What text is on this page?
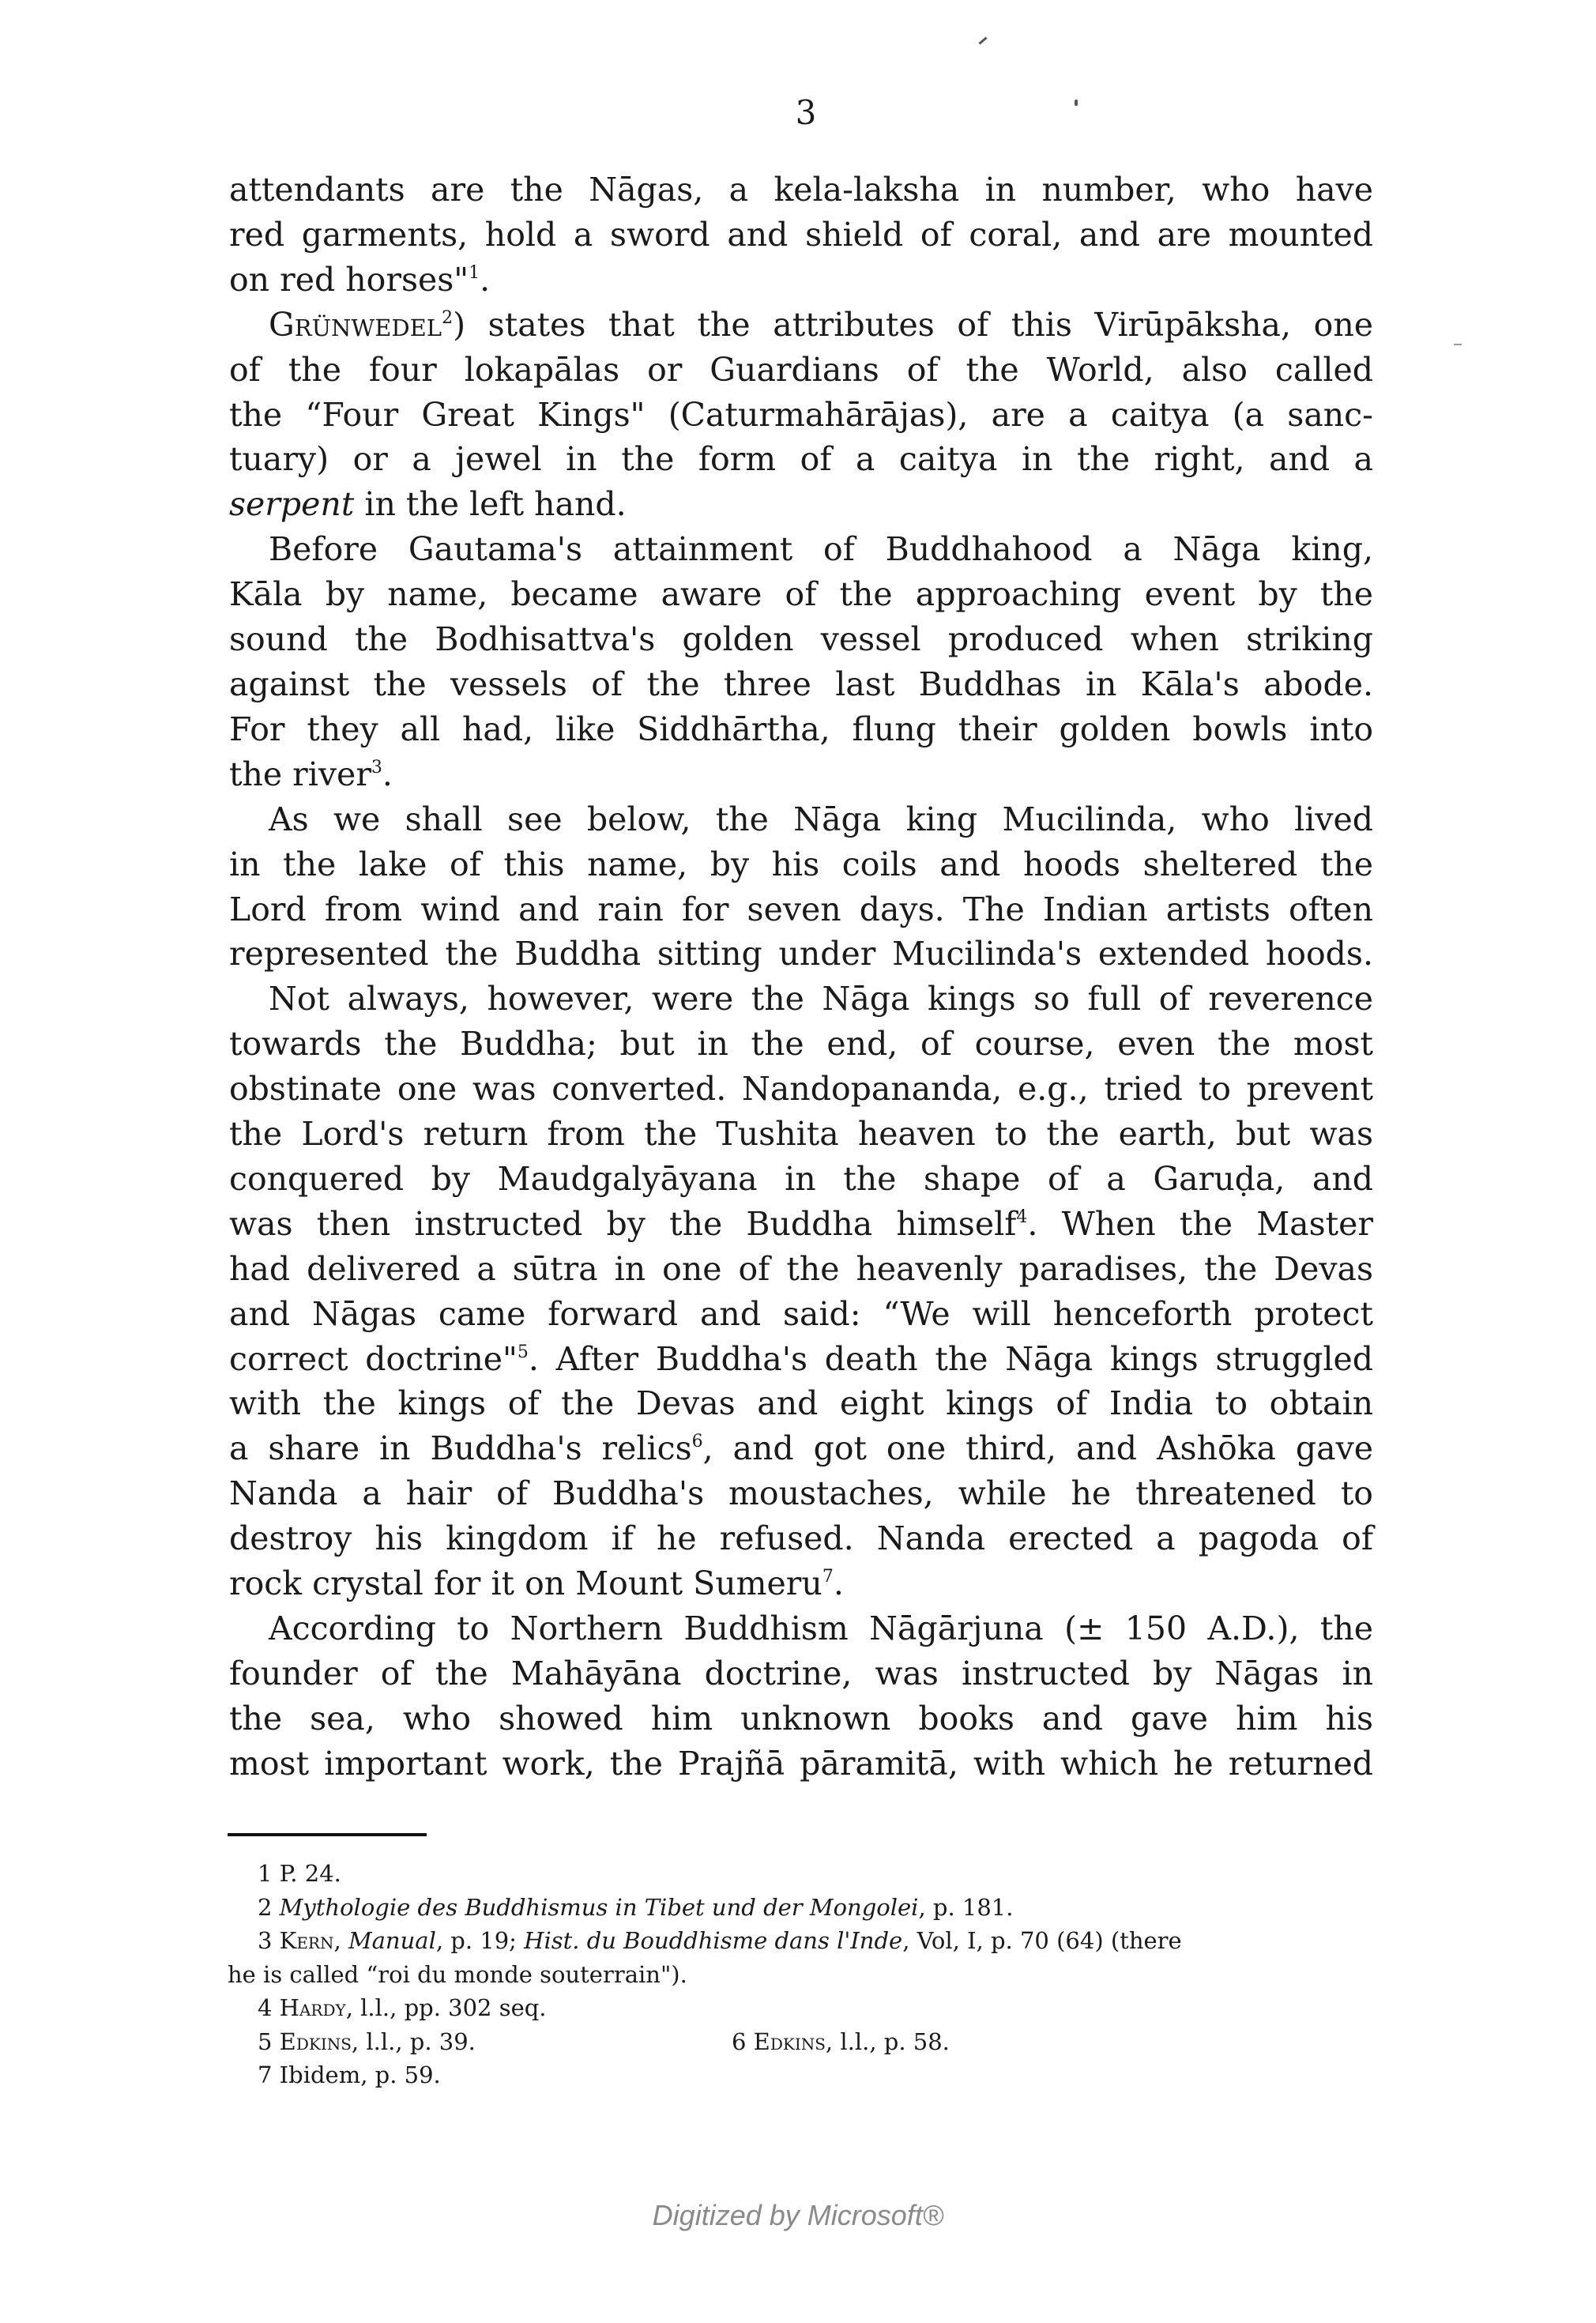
3
attendants are the Nāgas, a kela-laksha in number, who have
red garments, hold a sword and shield of coral, and are mounted
on red horses"$^1$.
Grünwedel$^2$) states that the attributes of this Virūpāksha, one
of the four lokapālas or Guardians of the World, also called
the “Four Great Kings" (Caturmahārājas), are a caitya (a sanc-
tuary) or a jewel in the form of a caitya in the right, and a
serpent in the left hand.
Before Gautama's attainment of Buddhahood a Nāga king,
Kāla by name, became aware of the approaching event by the
sound the Bodhisattva's golden vessel produced when striking
against the vessels of the three last Buddhas in Kāla's abode.
For they all had, like Siddhārtha, flung their golden bowls into
the river$^3$.
As we shall see below, the Nāga king Mucilinda, who lived
in the lake of this name, by his coils and hoods sheltered the
Lord from wind and rain for seven days. The Indian artists often
represented the Buddha sitting under Mucilinda's extended hoods.
Not always, however, were the Nāga kings so full of reverence
towards the Buddha; but in the end, of course, even the most
obstinate one was converted. Nandopananda, e.g., tried to prevent
the Lord's return from the Tushita heaven to the earth, but was
conquered by Maudgalyāyana in the shape of a Garuḍa, and
was then instructed by the Buddha himself$^4$. When the Master
had delivered a sūtra in one of the heavenly paradises, the Devas
and Nāgas came forward and said: “We will henceforth protect
correct doctrine"$^5$. After Buddha's death the Nāga kings struggled
with the kings of the Devas and eight kings of India to obtain
a share in Buddha's relics$^6$, and got one third, and Ashōka gave
Nanda a hair of Buddha's moustaches, while he threatened to
destroy his kingdom if he refused. Nanda erected a pagoda of
rock crystal for it on Mount Sumeru$^7$.
According to Northern Buddhism Nāgārjuna (± 150 A.D.), the
founder of the Mahāyāna doctrine, was instructed by Nāgas in
the sea, who showed him unknown books and gave him his
most important work, the Prajñā pāramitā, with which he returned
1 P. 24.
2 Mythologie des Buddhismus in Tibet und der Mongolei, p. 181.
3 Kern, Manual, p. 19; Hist. du Bouddhisme dans l'Inde, Vol, I, p. 70 (64) (there
he is called “roi du monde souterrain").
4 Hardy, l.l., pp. 302 seq.
5 Edkins, l.l., p. 39.	6 Edkins, l.l., p. 58.
7 Ibidem, p. 59.
Digitized by Microsoft®
